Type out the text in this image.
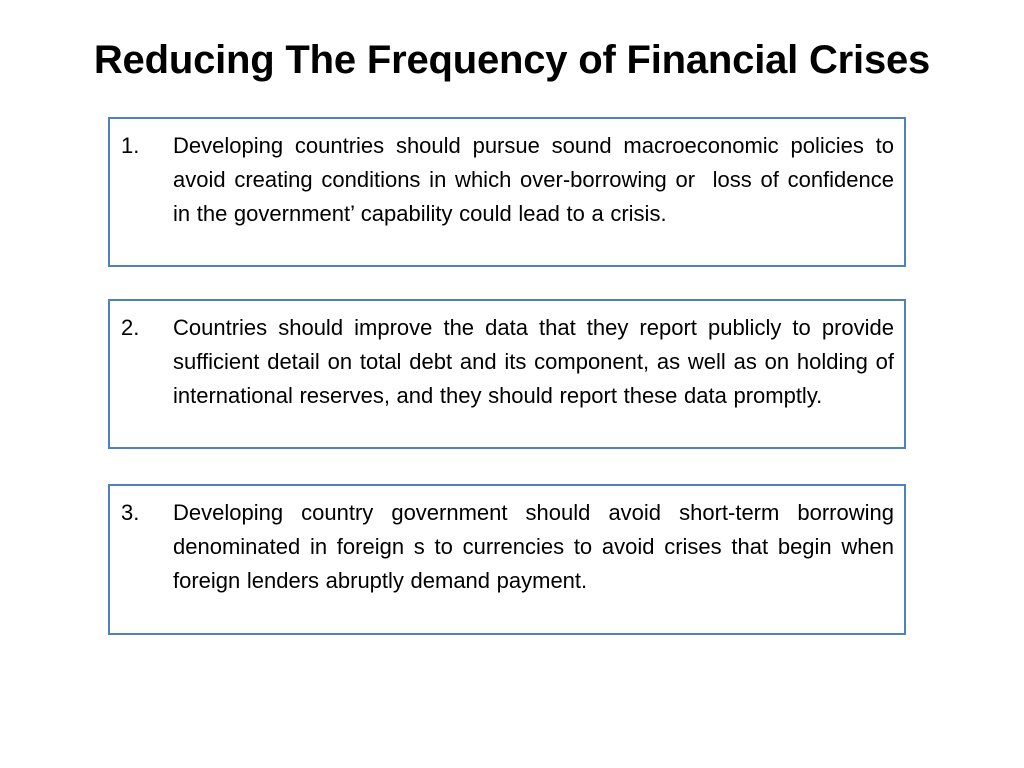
Reducing The Frequency of Financial Crises
1.	Developing countries should pursue sound macroeconomic policies to avoid creating conditions in which over-borrowing or  loss of confidence in the government’ capability could lead to a crisis.
2.	Countries should improve the data that they report publicly to provide sufficient detail on total debt and its component, as well as on holding of international reserves, and they should report these data promptly.
3.	Developing country government should avoid short-term borrowing denominated in foreign s to currencies to avoid crises that begin when foreign lenders abruptly demand payment.
